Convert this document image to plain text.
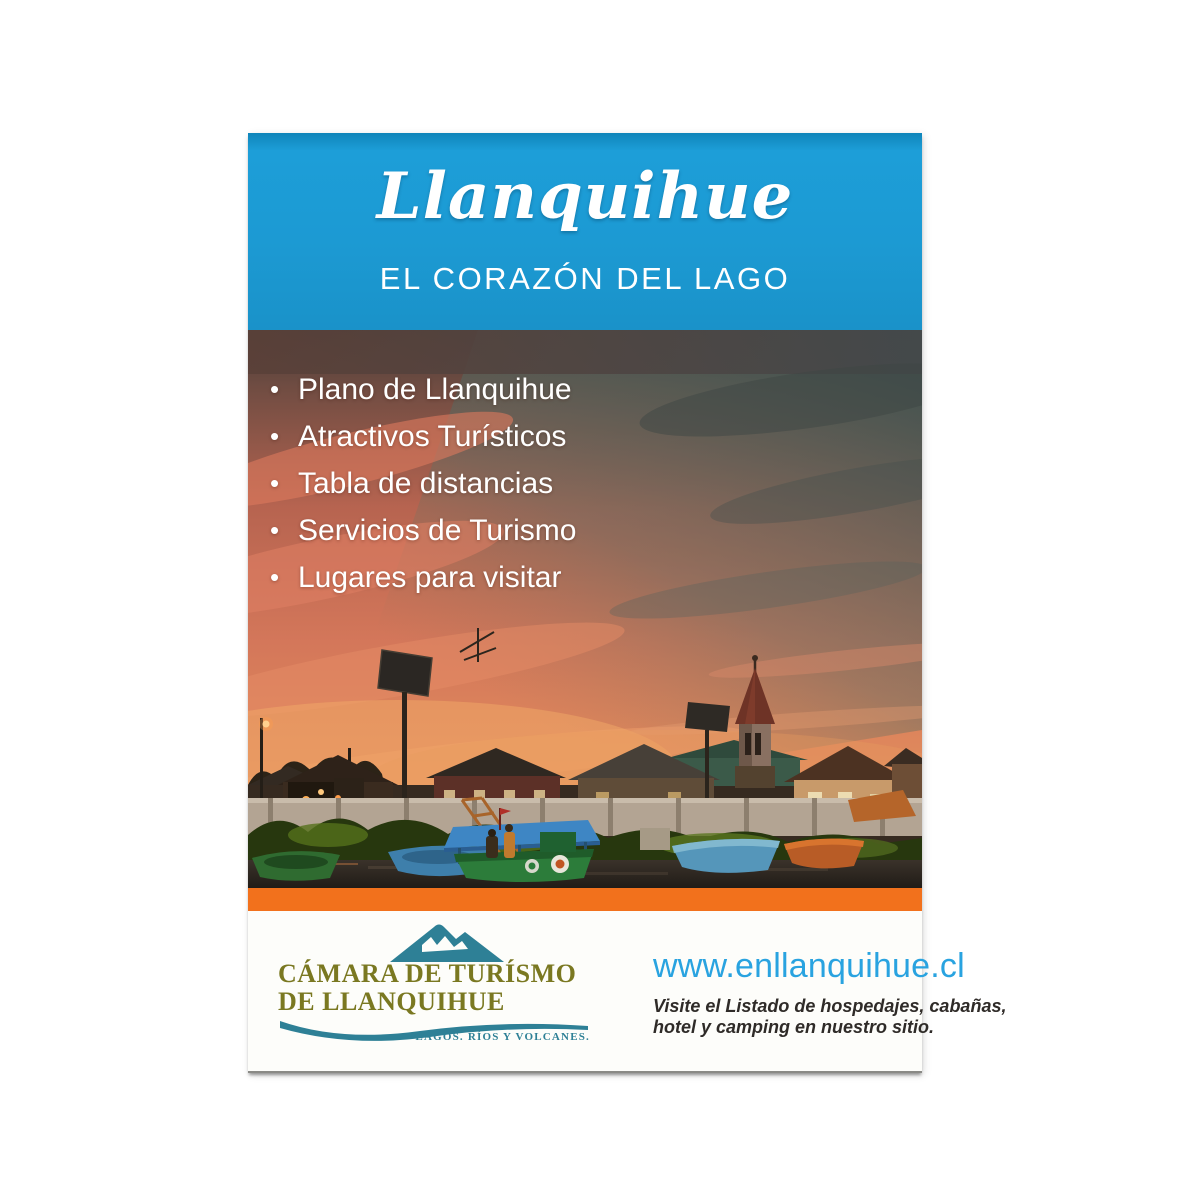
Llanquihue
EL CORAZÓN DEL LAGO
• Plano de Llanquihue
• Atractivos Turísticos
• Tabla de distancias
• Servicios de Turismo
• Lugares para visitar
CÁMARA DE TURÍSMO
DE LLANQUIHUE
LAGOS. RÍOS Y VOLCANES.
www.enllanquihue.cl
Visite el Listado de hospedajes, cabañas,
hotel y camping en nuestro sitio.
